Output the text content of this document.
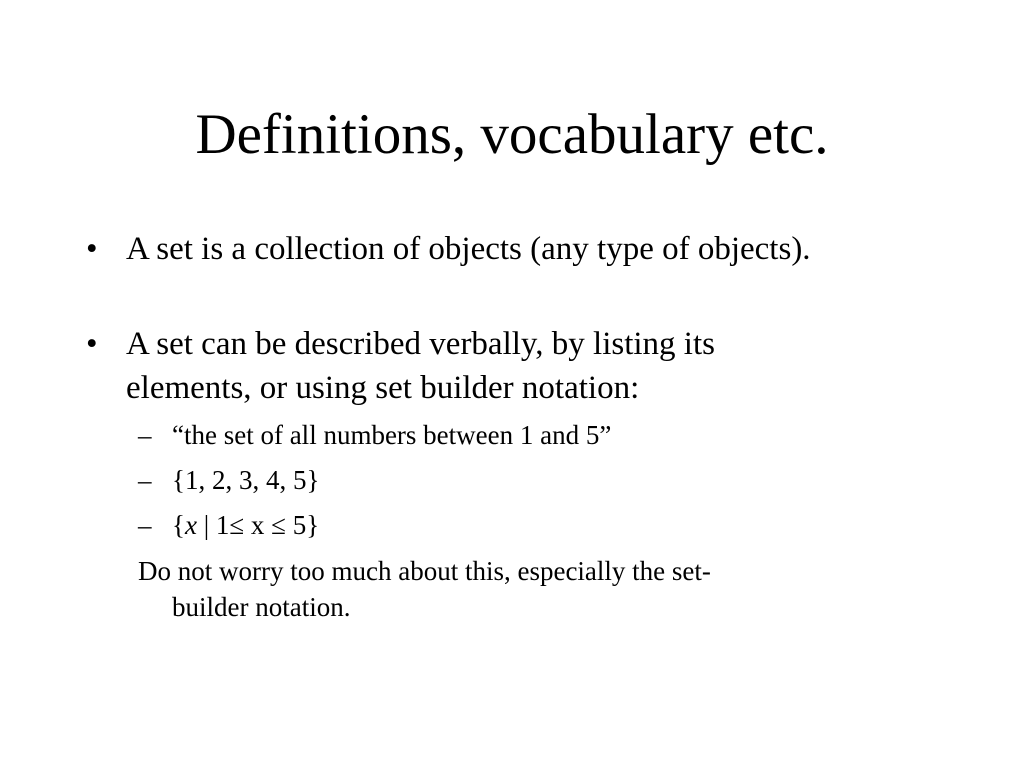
Definitions, vocabulary etc.
• A set is a collection of objects (any type of objects).
• A set can be described verbally, by listing its elements, or using set builder notation:
– “the set of all numbers between 1 and 5”
– {1, 2, 3, 4, 5}
– {x | 1≤ x ≤ 5}
Do not worry too much about this, especially the set-
builder notation.
